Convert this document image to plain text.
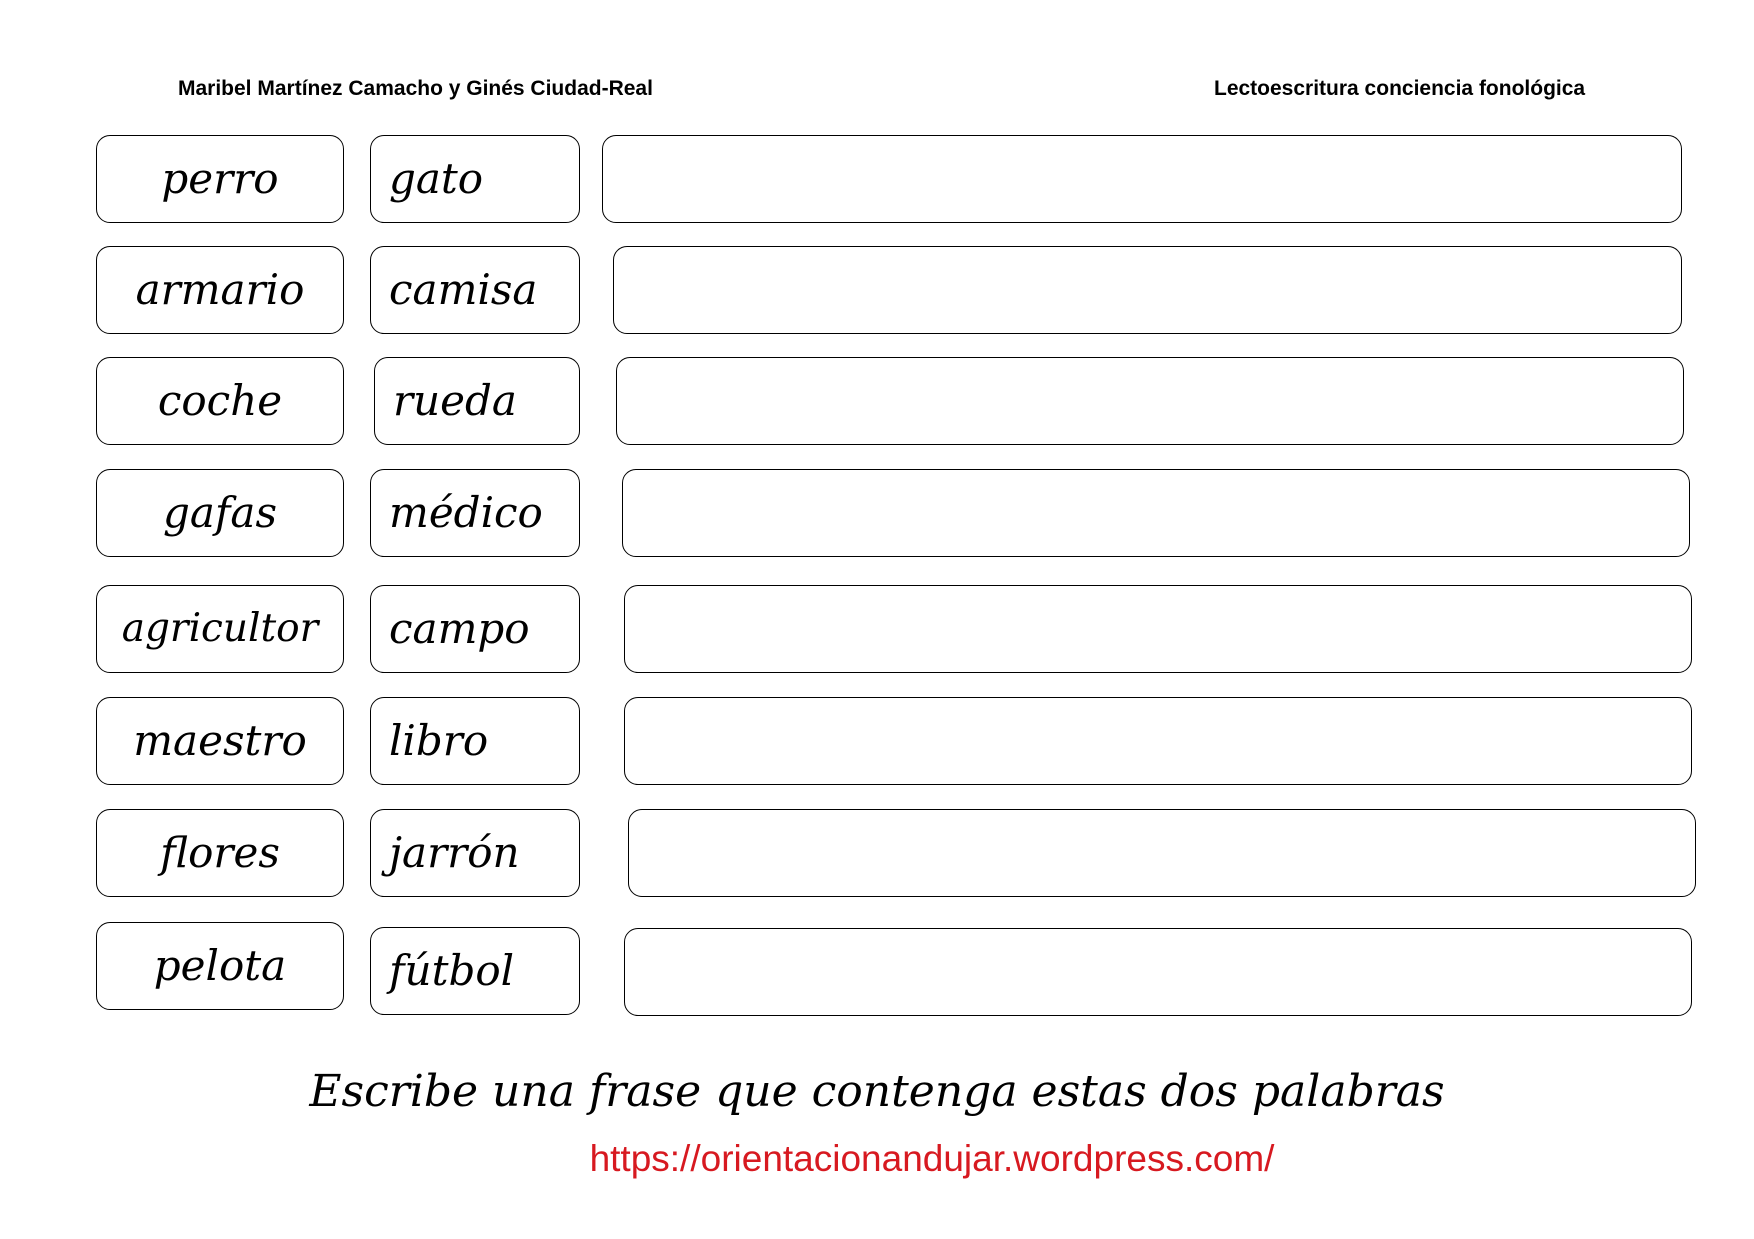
Maribel Martínez Camacho y Ginés Ciudad-Real	Lectoescritura conciencia fonológica
perro	gato
armario camisa
coche	rueda
gafas	médico
agricultor campo
maestro libro
flores	jarrón
pelota fútbol
Escribe una frase que contenga estas dos palabras
https://orientacionandujar.wordpress.com/
